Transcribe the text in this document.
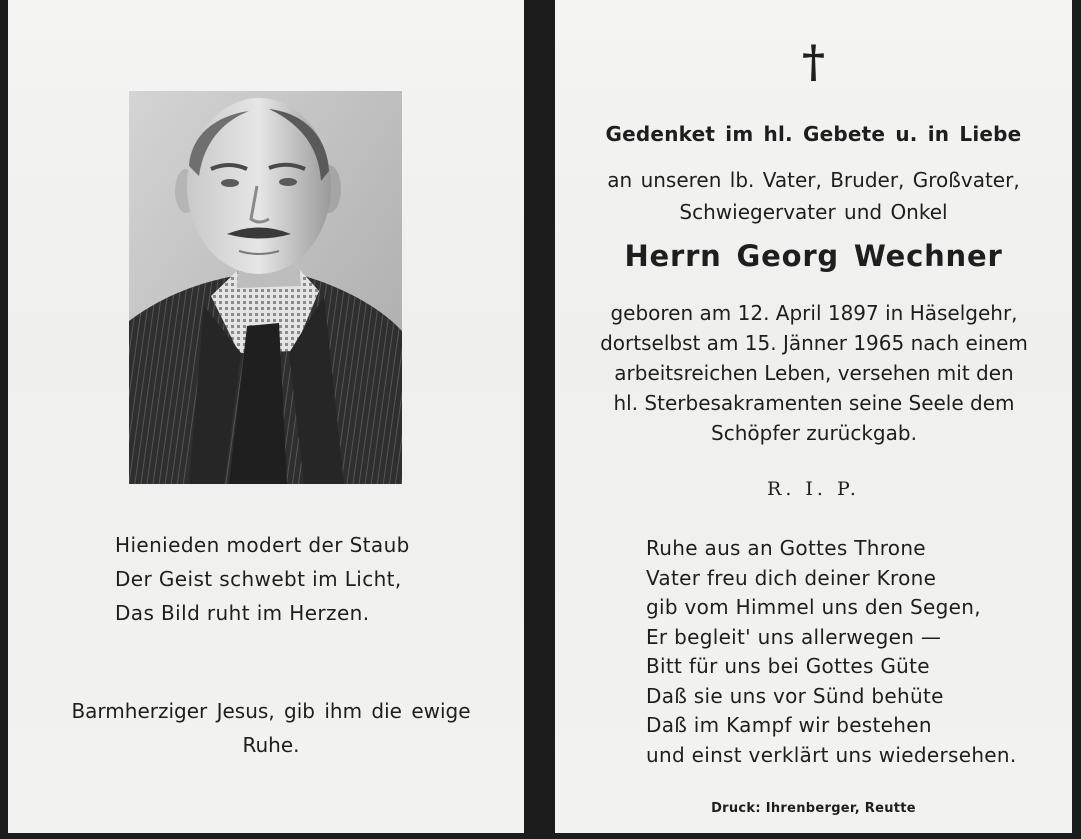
Hienieden modert der Staub
Der Geist schwebt im Licht,
Das Bild ruht im Herzen.
Barmherziger Jesus, gib ihm die ewige
Ruhe.
†
Gedenket im hl. Gebete u. in Liebe
an unseren lb. Vater, Bruder, Großvater,
Schwiegervater und Onkel
Herrn Georg Wechner
geboren am 12. April 1897 in Häselgehr,
dortselbst am 15. Jänner 1965 nach einem
arbeitsreichen Leben, versehen mit den
hl. Sterbesakramenten seine Seele dem
Schöpfer zurückgab.
R. I. P.
Ruhe aus an Gottes Throne
Vater freu dich deiner Krone
gib vom Himmel uns den Segen,
Er begleit' uns allerwegen —
Bitt für uns bei Gottes Güte
Daß sie uns vor Sünd behüte
Daß im Kampf wir bestehen
und einst verklärt uns wiedersehen.
Druck: Ihrenberger, Reutte
